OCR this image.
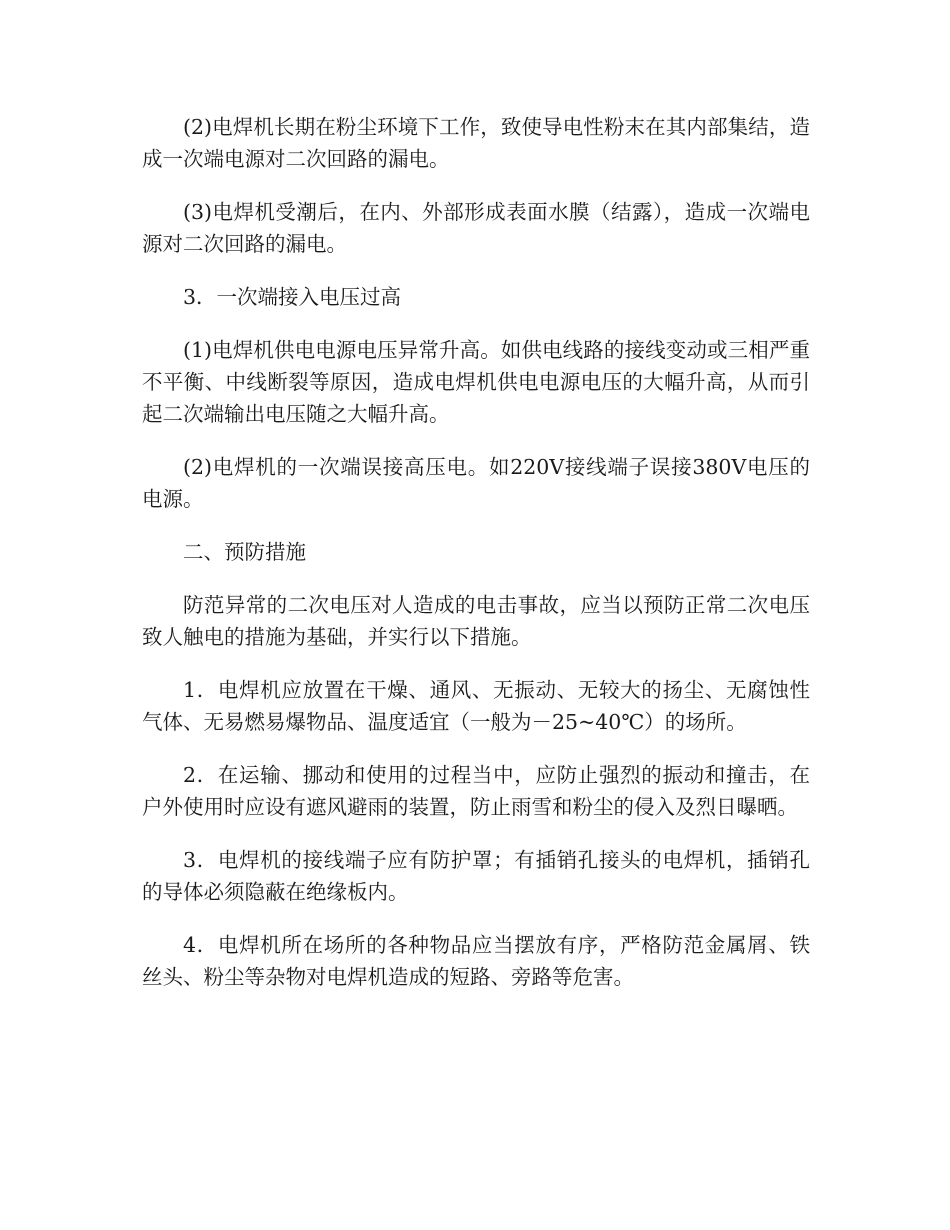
(2)电焊机长期在粉尘环境下工作，致使导电性粉末在其内部集结，造成一次端电源对二次回路的漏电。

(3)电焊机受潮后，在内、外部形成表面水膜（结露），造成一次端电源对二次回路的漏电。

3．一次端接入电压过高

(1)电焊机供电电源电压异常升高。如供电线路的接线变动或三相严重不平衡、中线断裂等原因，造成电焊机供电电源电压的大幅升高，从而引起二次端输出电压随之大幅升高。

(2)电焊机的一次端误接高压电。如220V接线端子误接380V电压的电源。

二、预防措施

防范异常的二次电压对人造成的电击事故，应当以预防正常二次电压致人触电的措施为基础，并实行以下措施。

1．电焊机应放置在干燥、通风、无振动、无较大的扬尘、无腐蚀性气体、无易燃易爆物品、温度适宜（一般为－25~40℃）的场所。

2．在运输、挪动和使用的过程当中，应防止强烈的振动和撞击，在户外使用时应设有遮风避雨的装置，防止雨雪和粉尘的侵入及烈日曝晒。

3．电焊机的接线端子应有防护罩；有插销孔接头的电焊机，插销孔的导体必须隐蔽在绝缘板内。

4．电焊机所在场所的各种物品应当摆放有序，严格防范金属屑、铁丝头、粉尘等杂物对电焊机造成的短路、旁路等危害。
